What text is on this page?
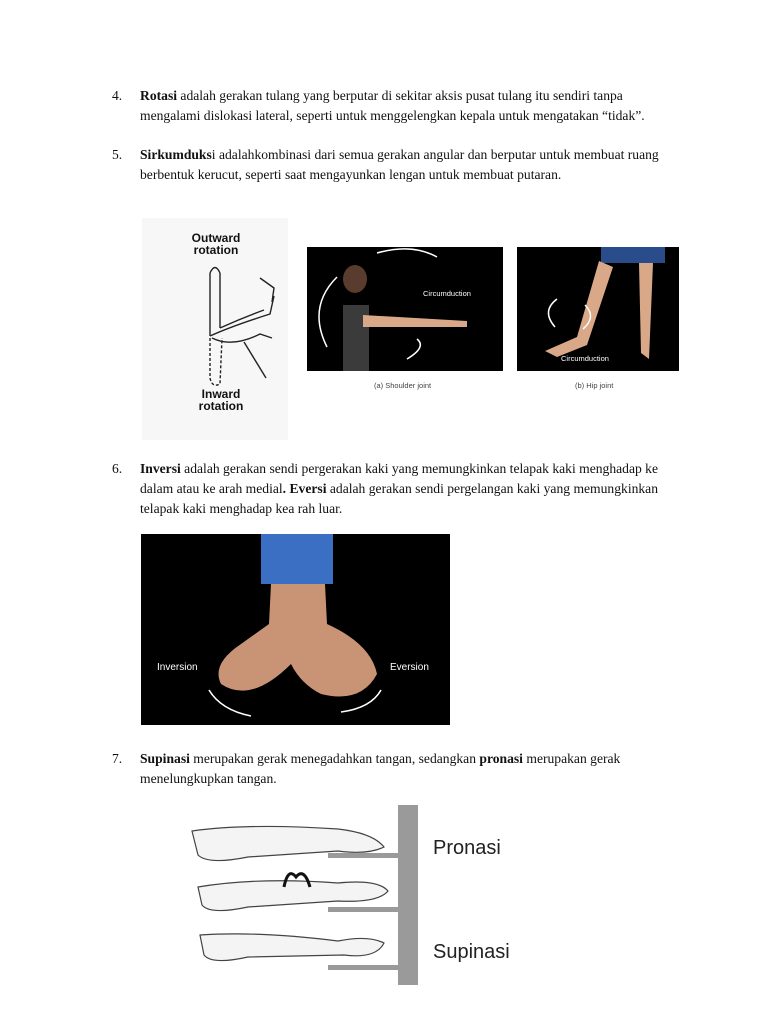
4.	Rotasi adalah gerakan tulang yang berputar di sekitar aksis pusat tulang itu sendiri tanpa mengalami dislokasi lateral, seperti untuk menggelengkan kepala untuk mengatakan “tidak”.
5.	Sirkumduksi adalahkombinasi dari semua gerakan angular dan berputar untuk membuat ruang berbentuk kerucut, seperti saat mengayunkan lengan untuk membuat putaran.
Outward rotation
Inward rotation
Circumduction
(a) Shoulder joint
Circumduction
(b) Hip joint
6.	Inversi adalah gerakan sendi pergerakan kaki yang memungkinkan telapak kaki menghadap ke dalam atau ke arah medial. Eversi adalah gerakan sendi pergelangan kaki yang memungkinkan telapak kaki menghadap kea rah luar.
Inversion	Eversion
7.	Supinasi merupakan gerak menegadahkan tangan, sedangkan pronasi merupakan gerak menelungkupkan tangan.
Pronasi
Supinasi
